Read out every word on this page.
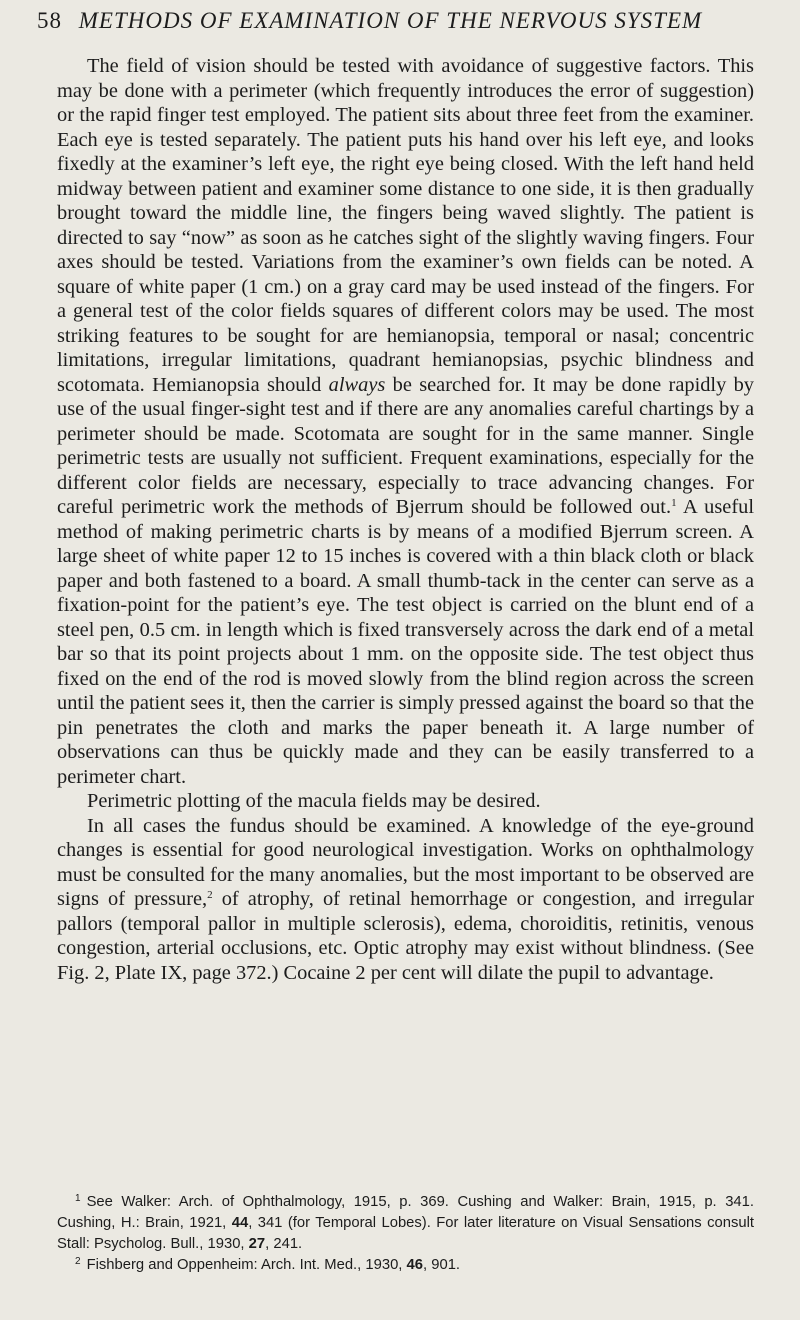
58 METHODS OF EXAMINATION OF THE NERVOUS SYSTEM

The field of vision should be tested with avoidance of suggestive factors. This may be done with a perimeter (which frequently introduces the error of suggestion) or the rapid finger test employed. The patient sits about three feet from the examiner. Each eye is tested separately. The patient puts his hand over his left eye, and looks fixedly at the examiner’s left eye, the right eye being closed. With the left hand held midway between patient and examiner some distance to one side, it is then gradually brought toward the middle line, the fingers being waved slightly. The patient is directed to say “now” as soon as he catches sight of the slightly waving fingers. Four axes should be tested. Variations from the examiner’s own fields can be noted. A square of white paper (1 cm.) on a gray card may be used instead of the fingers. For a general test of the color fields squares of different colors may be used. The most striking features to be sought for are hemianopsia, temporal or nasal; concentric limitations, irregular limitations, quadrant hemianopsias, psychic blindness and scotomata. Hemianopsia should always be searched for. It may be done rapidly by use of the usual finger-sight test and if there are any anomalies careful chartings by a perimeter should be made. Scotomata are sought for in the same manner. Single perimetric tests are usually not sufficient. Frequent examinations, especially for the different color fields are necessary, especially to trace advancing changes. For careful perimetric work the methods of Bjerrum should be followed out.$^1$ A useful method of making perimetric charts is by means of a modified Bjerrum screen. A large sheet of white paper 12 to 15 inches is covered with a thin black cloth or black paper and both fastened to a board. A small thumb-tack in the center can serve as a fixation-point for the patient’s eye. The test object is carried on the blunt end of a steel pen, 0.5 cm. in length which is fixed transversely across the dark end of a metal bar so that its point projects about 1 mm. on the opposite side. The test object thus fixed on the end of the rod is moved slowly from the blind region across the screen until the patient sees it, then the carrier is simply pressed against the board so that the pin penetrates the cloth and marks the paper beneath it. A large number of observations can thus be quickly made and they can be easily transferred to a perimeter chart.

Perimetric plotting of the macula fields may be desired.

In all cases the fundus should be examined. A knowledge of the eye-ground changes is essential for good neurological investigation. Works on ophthalmology must be consulted for the many anomalies, but the most important to be observed are signs of pressure,$^2$ of atrophy, of retinal hemorrhage or congestion, and irregular pallors (temporal pallor in multiple sclerosis), edema, choroiditis, retinitis, venous congestion, arterial occlusions, etc. Optic atrophy may exist without blindness. (See Fig. 2, Plate IX, page 372.) Cocaine 2 per cent will dilate the pupil to advantage.

$^1$ See Walker: Arch. of Ophthalmology, 1915, p. 369. Cushing and Walker: Brain, 1915, p. 341. Cushing, H.: Brain, 1921, 44, 341 (for Temporal Lobes). For later literature on Visual Sensations consult Stall: Psycholog. Bull., 1930, 27, 241.

$^2$ Fishberg and Oppenheim: Arch. Int. Med., 1930, 46, 901.
